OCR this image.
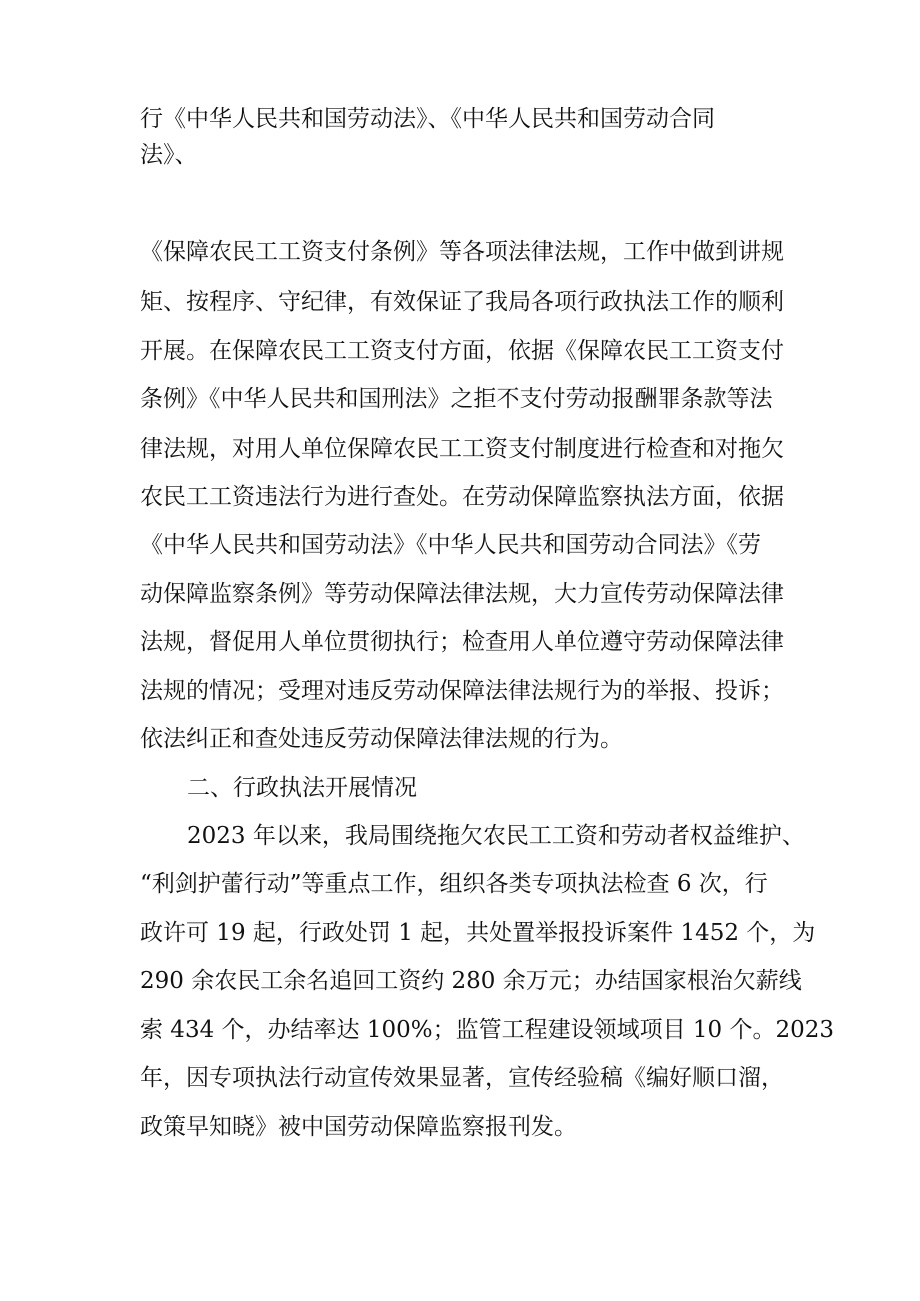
行《中华人民共和国劳动法》、《中华人民共和国劳动合同
法》、
《保障农民工工资支付条例》等各项法律法规，工作中做到讲规
矩、按程序、守纪律，有效保证了我局各项行政执法工作的顺利
开展。在保障农民工工资支付方面，依据《保障农民工工资支付
条例》《中华人民共和国刑法》之拒不支付劳动报酬罪条款等法
律法规，对用人单位保障农民工工资支付制度进行检查和对拖欠
农民工工资违法行为进行查处。在劳动保障监察执法方面，依据
《中华人民共和国劳动法》《中华人民共和国劳动合同法》《劳
动保障监察条例》等劳动保障法律法规，大力宣传劳动保障法律
法规，督促用人单位贯彻执行；检查用人单位遵守劳动保障法律
法规的情况；受理对违反劳动保障法律法规行为的举报、投诉；
依法纠正和查处违反劳动保障法律法规的行为。
二、行政执法开展情况
2023 年以来，我局围绕拖欠农民工工资和劳动者权益维护、
“利剑护蕾行动”等重点工作，组织各类专项执法检查 6 次，行
政许可 19 起，行政处罚 1 起，共处置举报投诉案件 1452 个，为
290 余农民工余名追回工资约 280 余万元；办结国家根治欠薪线
索 434 个，办结率达 100%；监管工程建设领域项目 10 个。2023
年，因专项执法行动宣传效果显著，宣传经验稿《编好顺口溜，
政策早知晓》被中国劳动保障监察报刊发。
